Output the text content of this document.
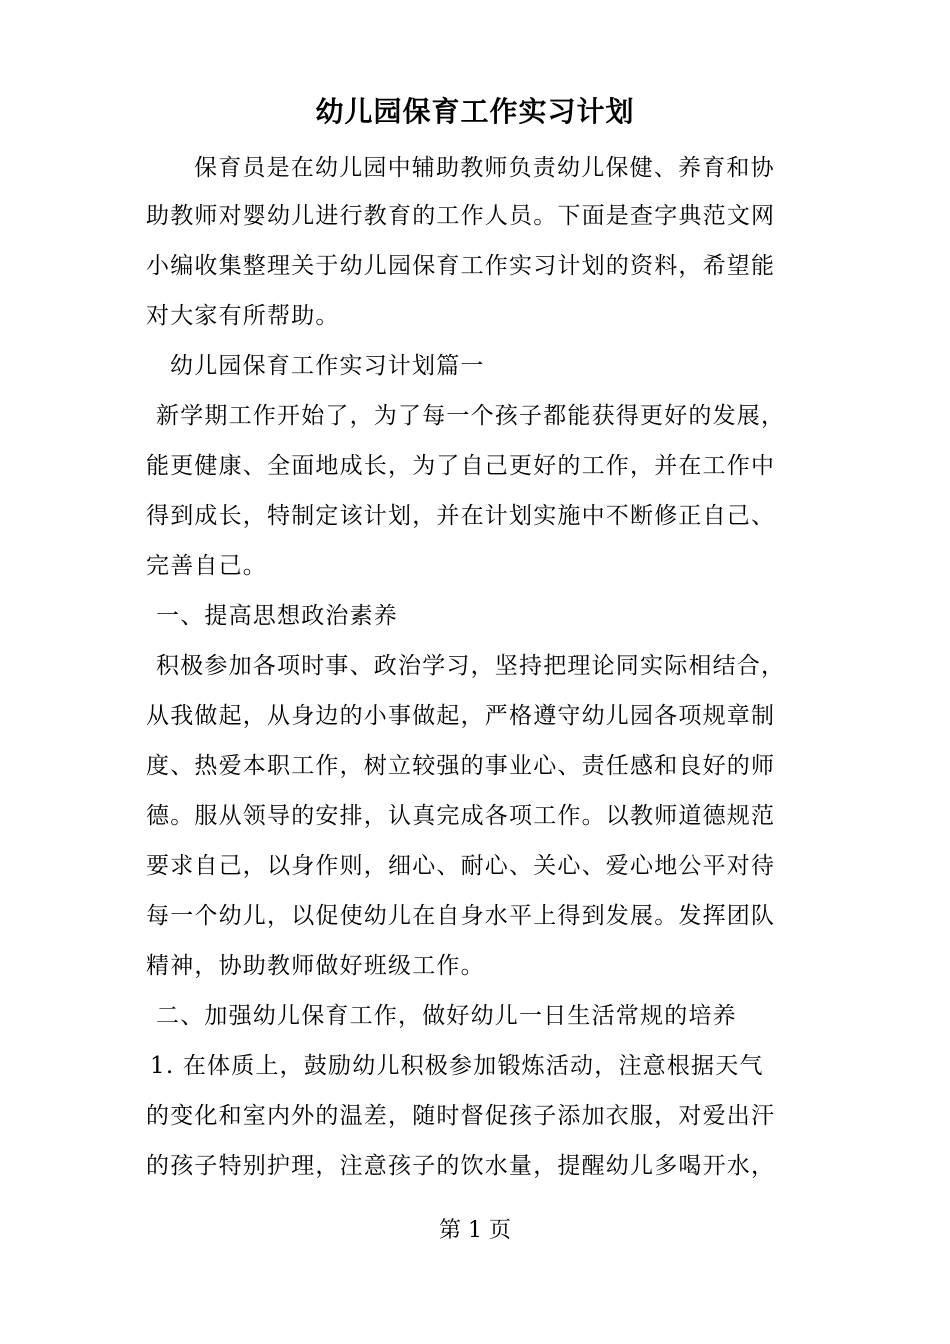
幼儿园保育工作实习计划
保育员是在幼儿园中辅助教师负责幼儿保健、养育和协
助教师对婴幼儿进行教育的工作人员。下面是查字典范文网
小编收集整理关于幼儿园保育工作实习计划的资料，希望能
对大家有所帮助。
幼儿园保育工作实习计划篇一
新学期工作开始了，为了每一个孩子都能获得更好的发展，
能更健康、全面地成长，为了自己更好的工作，并在工作中
得到成长，特制定该计划，并在计划实施中不断修正自己、
完善自己。
一、提高思想政治素养
积极参加各项时事、政治学习，坚持把理论同实际相结合，
从我做起，从身边的小事做起，严格遵守幼儿园各项规章制
度、热爱本职工作，树立较强的事业心、责任感和良好的师
德。服从领导的安排，认真完成各项工作。以教师道德规范
要求自己，以身作则，细心、耐心、关心、爱心地公平对待
每一个幼儿，以促使幼儿在自身水平上得到发展。发挥团队
精神，协助教师做好班级工作。
二、加强幼儿保育工作，做好幼儿一日生活常规的培养
1. 在体质上，鼓励幼儿积极参加锻炼活动，注意根据天气
的变化和室内外的温差，随时督促孩子添加衣服，对爱出汗
的孩子特别护理，注意孩子的饮水量，提醒幼儿多喝开水，
第 1 页
